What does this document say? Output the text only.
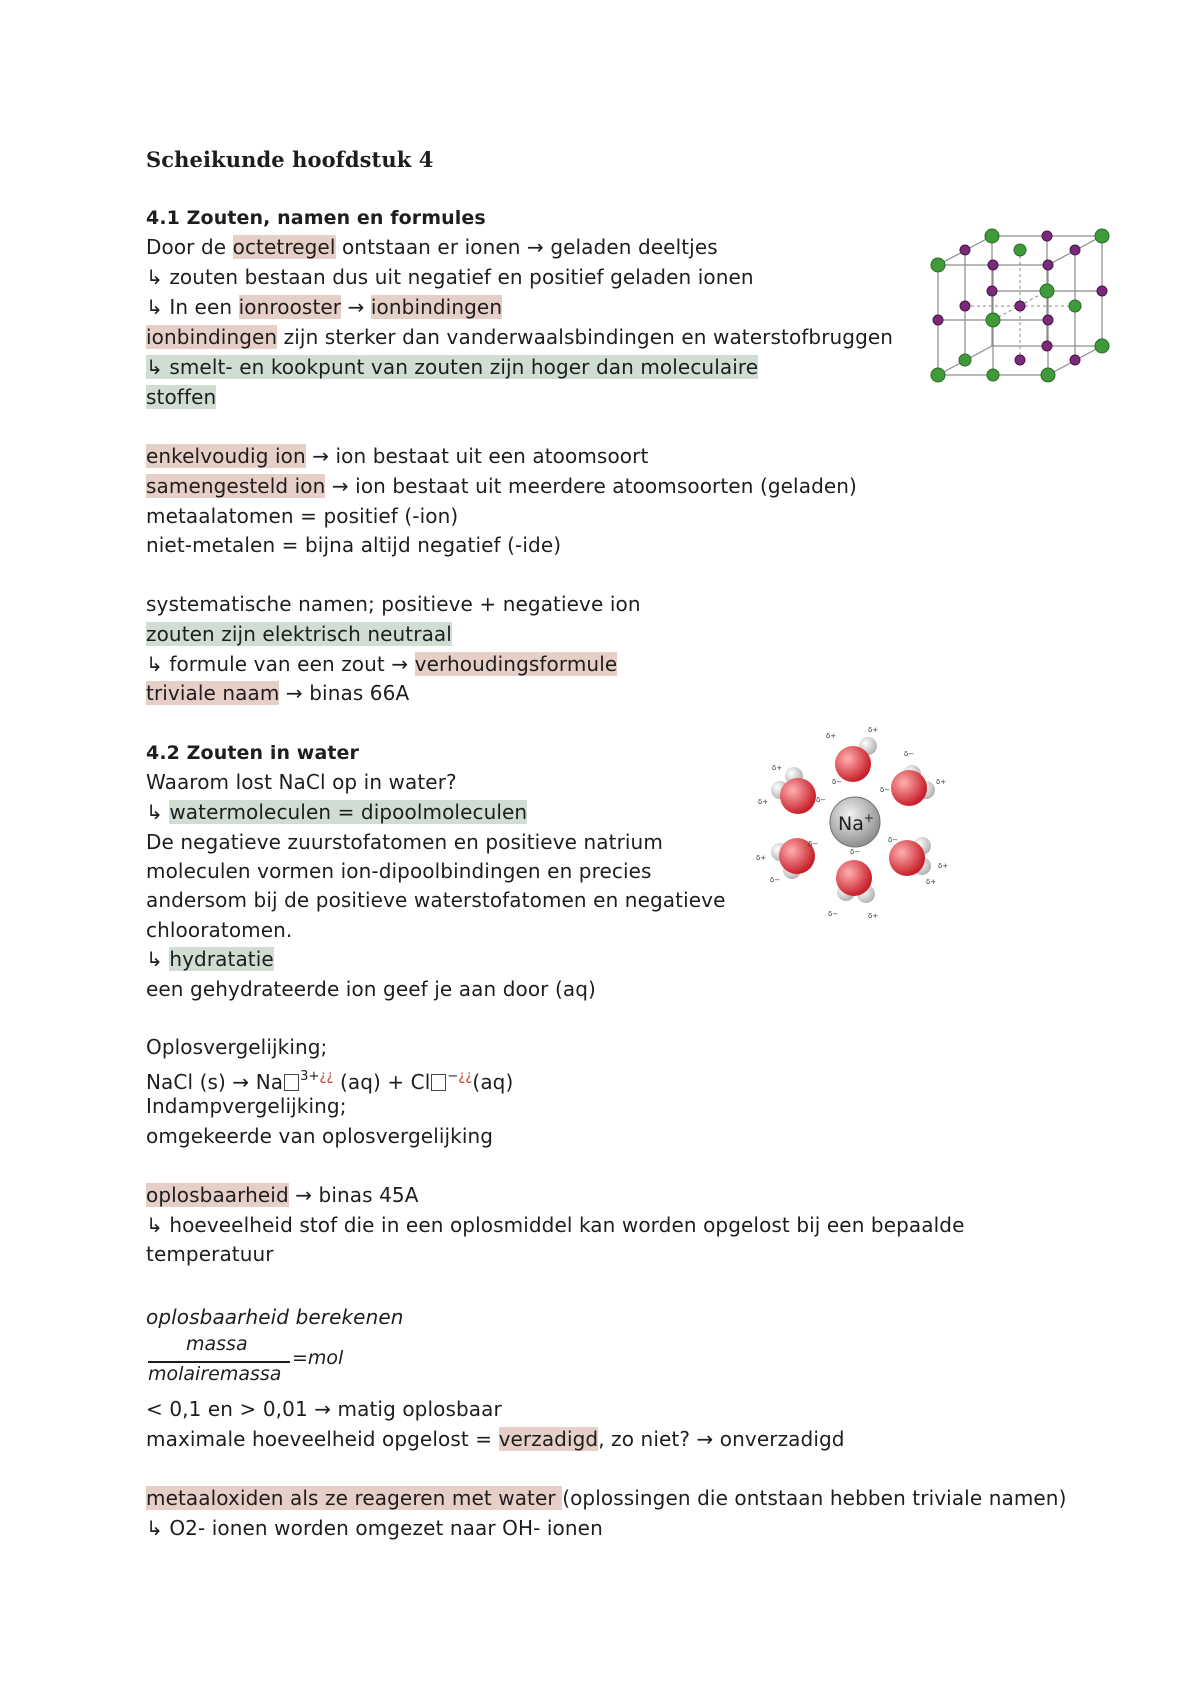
Scheikunde hoofdstuk 4
4.1 Zouten, namen en formules
Door de octetregel ontstaan er ionen → geladen deeltjes
↳ zouten bestaan dus uit negatief en positief geladen ionen
↳ In een ionrooster → ionbindingen
ionbindingen zijn sterker dan vanderwaalsbindingen en waterstofbruggen
↳ smelt- en kookpunt van zouten zijn hoger dan moleculaire
stoffen
enkelvoudig ion → ion bestaat uit een atoomsoort
samengesteld ion → ion bestaat uit meerdere atoomsoorten (geladen)
metaalatomen = positief (-ion)
niet-metalen = bijna altijd negatief (-ide)
systematische namen; positieve + negatieve ion
zouten zijn elektrisch neutraal
↳ formule van een zout → verhoudingsformule
triviale naam → binas 66A
4.2 Zouten in water
Waarom lost NaCl op in water?
↳ watermoleculen = dipoolmoleculen
De negatieve zuurstofatomen en positieve natrium
moleculen vormen ion-dipoolbindingen en precies
andersom bij de positieve waterstofatomen en negatieve
chlooratomen.
↳ hydratatie
een gehydrateerde ion geef je aan door (aq)
Oplosvergelijking;
NaCl (s) → Na $^{3+¿¿}$ (aq) + Cl −¿¿(aq)
Indampvergelijking;
omgekeerde van oplosvergelijking
oplosbaarheid → binas 45A
↳ hoeveelheid stof die in een oplosmiddel kan worden opgelost bij een bepaalde
temperatuur
oplosbaarheid berekenen
massa
molairemassa
=mol
< 0,1 en > 0,01 → matig oplosbaar
maximale hoeveelheid opgelost = verzadigd, zo niet? → onverzadigd
metaaloxiden als ze reageren met water (oplossingen die ontstaan hebben triviale namen)
↳ O2- ionen worden omgezet naar OH- ionen
Na+
δ+
δ+
δ−
δ+
δ−
δ+
δ+	δ−
δ+
δ−
δ−
δ−
δ+
δ+
δ−
δ−	δ+
δ−
